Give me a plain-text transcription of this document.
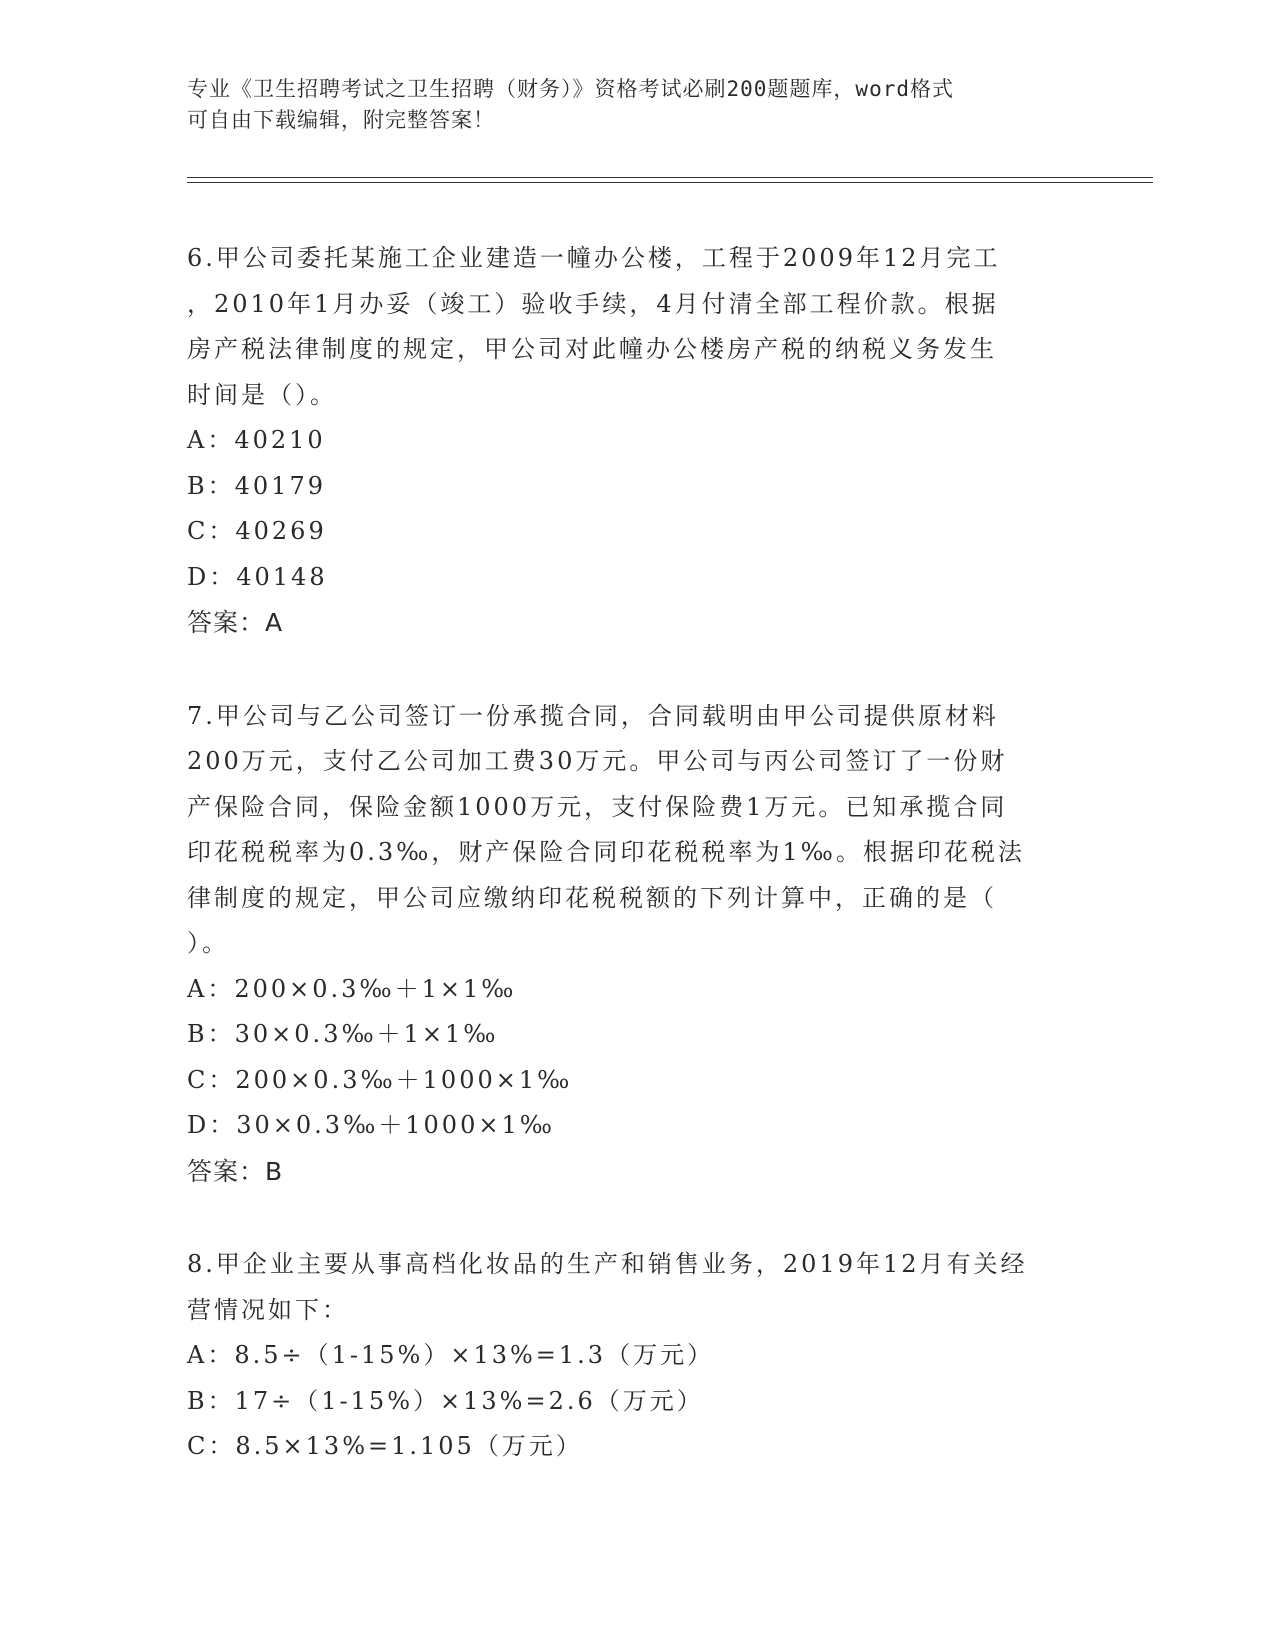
专业《卫生招聘考试之卫生招聘（财务）》资格考试必刷200题题库，word格式
可自由下载编辑，附完整答案！
6.甲公司委托某施工企业建造一幢办公楼，工程于2009年12月完工
，2010年1月办妥（竣工）验收手续，4月付清全部工程价款。根据
房产税法律制度的规定，甲公司对此幢办公楼房产税的纳税义务发生
时间是（）。
A：40210
B：40179
C：40269
D：40148
答案：A
7.甲公司与乙公司签订一份承揽合同，合同载明由甲公司提供原材料
200万元，支付乙公司加工费30万元。甲公司与丙公司签订了一份财
产保险合同，保险金额1000万元，支付保险费1万元。已知承揽合同
印花税税率为0.3‰，财产保险合同印花税税率为1‰。根据印花税法
律制度的规定，甲公司应缴纳印花税税额的下列计算中，正确的是（
）。
A：200×0.3‰＋1×1‰
B：30×0.3‰＋1×1‰
C：200×0.3‰＋1000×1‰
D：30×0.3‰＋1000×1‰
答案：B
8.甲企业主要从事高档化妆品的生产和销售业务，2019年12月有关经
营情况如下：
A：8.5÷（1-15%）×13%=1.3（万元）
B：17÷（1-15%）×13%=2.6（万元）
C：8.5×13%=1.105（万元）
